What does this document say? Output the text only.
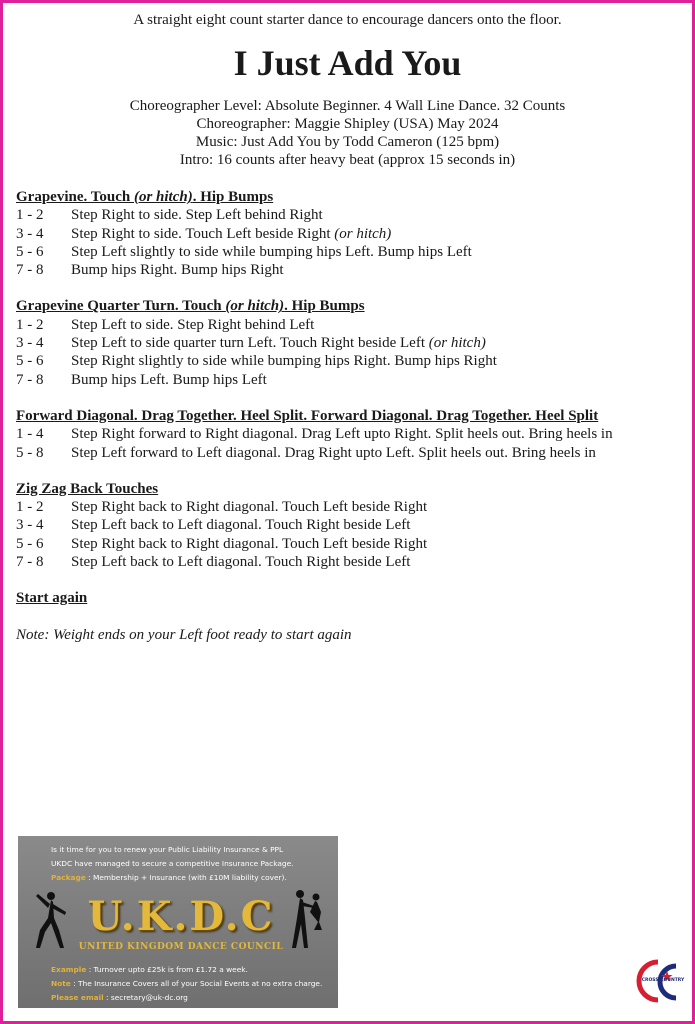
A straight eight count starter dance to encourage dancers onto the floor.
I Just Add You
Choreographer Level: Absolute Beginner. 4 Wall Line Dance. 32 Counts
Choreographer: Maggie Shipley (USA) May 2024
Music: Just Add You by Todd Cameron (125 bpm)
Intro: 16 counts after heavy beat (approx 15 seconds in)
Grapevine. Touch (or hitch). Hip Bumps
1 - 2	Step Right to side. Step Left behind Right
3 - 4	Step Right to side. Touch Left beside Right (or hitch)
5 - 6	Step Left slightly to side while bumping hips Left. Bump hips Left
7 - 8	Bump hips Right. Bump hips Right
Grapevine Quarter Turn. Touch (or hitch). Hip Bumps
1 - 2	Step Left to side. Step Right behind Left
3 - 4	Step Left to side quarter turn Left. Touch Right beside Left (or hitch)
5 - 6	Step Right slightly to side while bumping hips Right. Bump hips Right
7 - 8	Bump hips Left. Bump hips Left
Forward Diagonal. Drag Together. Heel Split. Forward Diagonal. Drag Together. Heel Split
1 - 4	Step Right forward to Right diagonal. Drag Left upto Right. Split heels out. Bring heels in
5 - 8	Step Left forward to Left diagonal. Drag Right upto Left. Split heels out. Bring heels in
Zig Zag Back Touches
1 - 2	Step Right back to Right diagonal. Touch Left beside Right
3 - 4	Step Left back to Left diagonal. Touch Right beside Left
5 - 6	Step Right back to Right diagonal. Touch Left beside Right
7 - 8	Step Left back to Left diagonal. Touch Right beside Left
Start again
Note: Weight ends on your Left foot ready to start again
Is it time for you to renew your Public Liability Insurance & PPL
UKDC have managed to secure a competitive Insurance Package.
Package : Membership + Insurance (with £10M liability cover).
U.K.D.C
UNITED KINGDOM DANCE COUNCIL
Example : Turnover upto £25k is from £1.72 a week.
Note : The Insurance Covers all of your Social Events at no extra charge.
Please email : secretary@uk-dc.org
CROSS COUNTRY
